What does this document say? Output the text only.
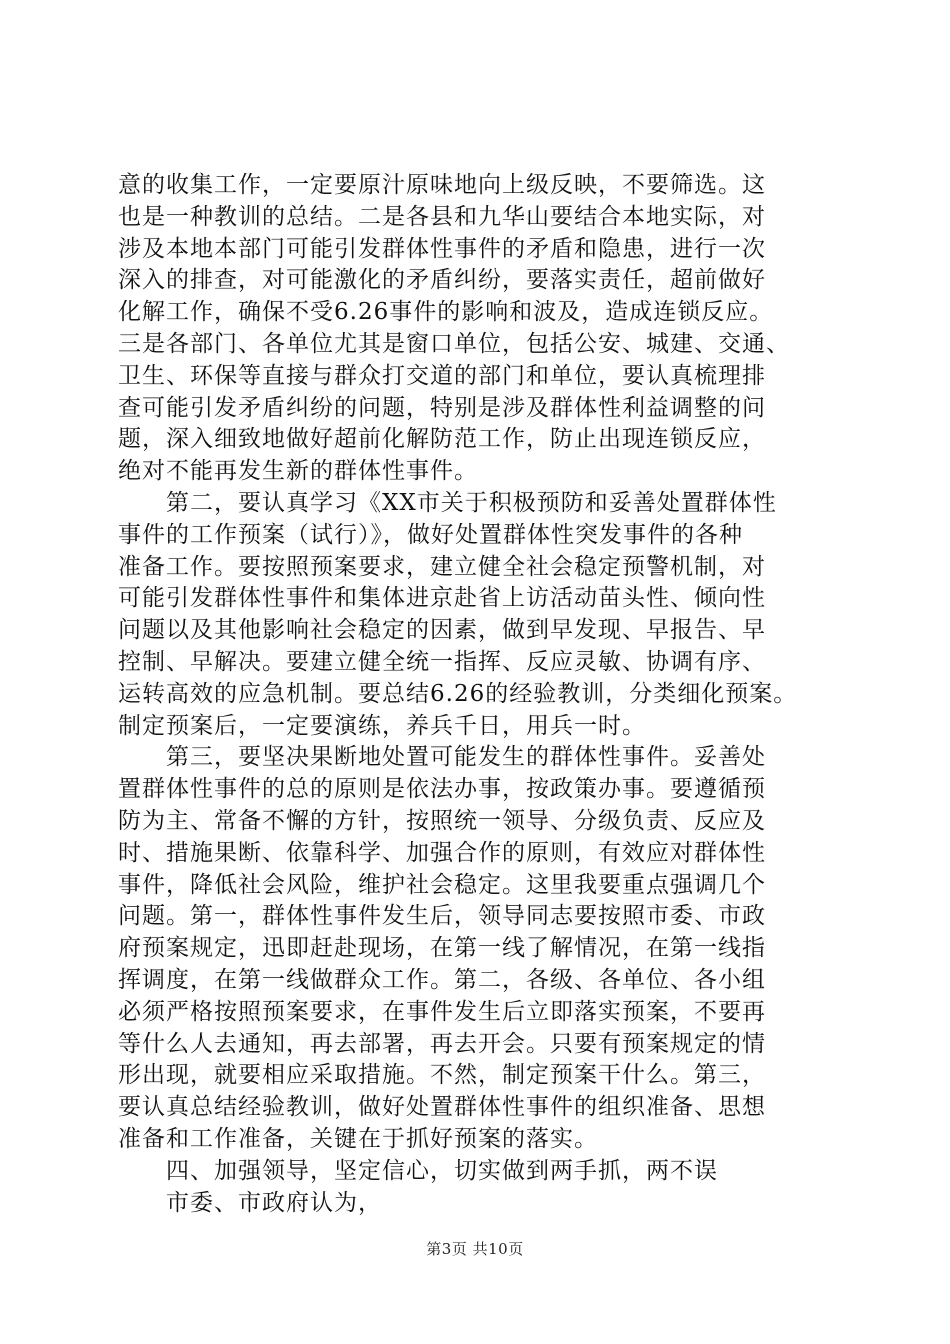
意的收集工作，一定要原汁原味地向上级反映，不要筛选。这
也是一种教训的总结。二是各县和九华山要结合本地实际，对
涉及本地本部门可能引发群体性事件的矛盾和隐患，进行一次
深入的排查，对可能激化的矛盾纠纷，要落实责任，超前做好
化解工作，确保不受6.26事件的影响和波及，造成连锁反应。
三是各部门、各单位尤其是窗口单位，包括公安、城建、交通、
卫生、环保等直接与群众打交道的部门和单位，要认真梳理排
查可能引发矛盾纠纷的问题，特别是涉及群体性利益调整的问
题，深入细致地做好超前化解防范工作，防止出现连锁反应，
绝对不能再发生新的群体性事件。
　　第二，要认真学习《XX市关于积极预防和妥善处置群体性
事件的工作预案（试行）》，做好处置群体性突发事件的各种
准备工作。要按照预案要求，建立健全社会稳定预警机制，对
可能引发群体性事件和集体进京赴省上访活动苗头性、倾向性
问题以及其他影响社会稳定的因素，做到早发现、早报告、早
控制、早解决。要建立健全统一指挥、反应灵敏、协调有序、
运转高效的应急机制。要总结6.26的经验教训，分类细化预案。
制定预案后，一定要演练，养兵千日，用兵一时。
　　第三，要坚决果断地处置可能发生的群体性事件。妥善处
置群体性事件的总的原则是依法办事，按政策办事。要遵循预
防为主、常备不懈的方针，按照统一领导、分级负责、反应及
时、措施果断、依靠科学、加强合作的原则，有效应对群体性
事件，降低社会风险，维护社会稳定。这里我要重点强调几个
问题。第一，群体性事件发生后，领导同志要按照市委、市政
府预案规定，迅即赶赴现场，在第一线了解情况，在第一线指
挥调度，在第一线做群众工作。第二，各级、各单位、各小组
必须严格按照预案要求，在事件发生后立即落实预案，不要再
等什么人去通知，再去部署，再去开会。只要有预案规定的情
形出现，就要相应采取措施。不然，制定预案干什么。第三，
要认真总结经验教训，做好处置群体性事件的组织准备、思想
准备和工作准备，关键在于抓好预案的落实。
　　四、加强领导，坚定信心，切实做到两手抓，两不误
　　市委、市政府认为，
第3页 共10页
